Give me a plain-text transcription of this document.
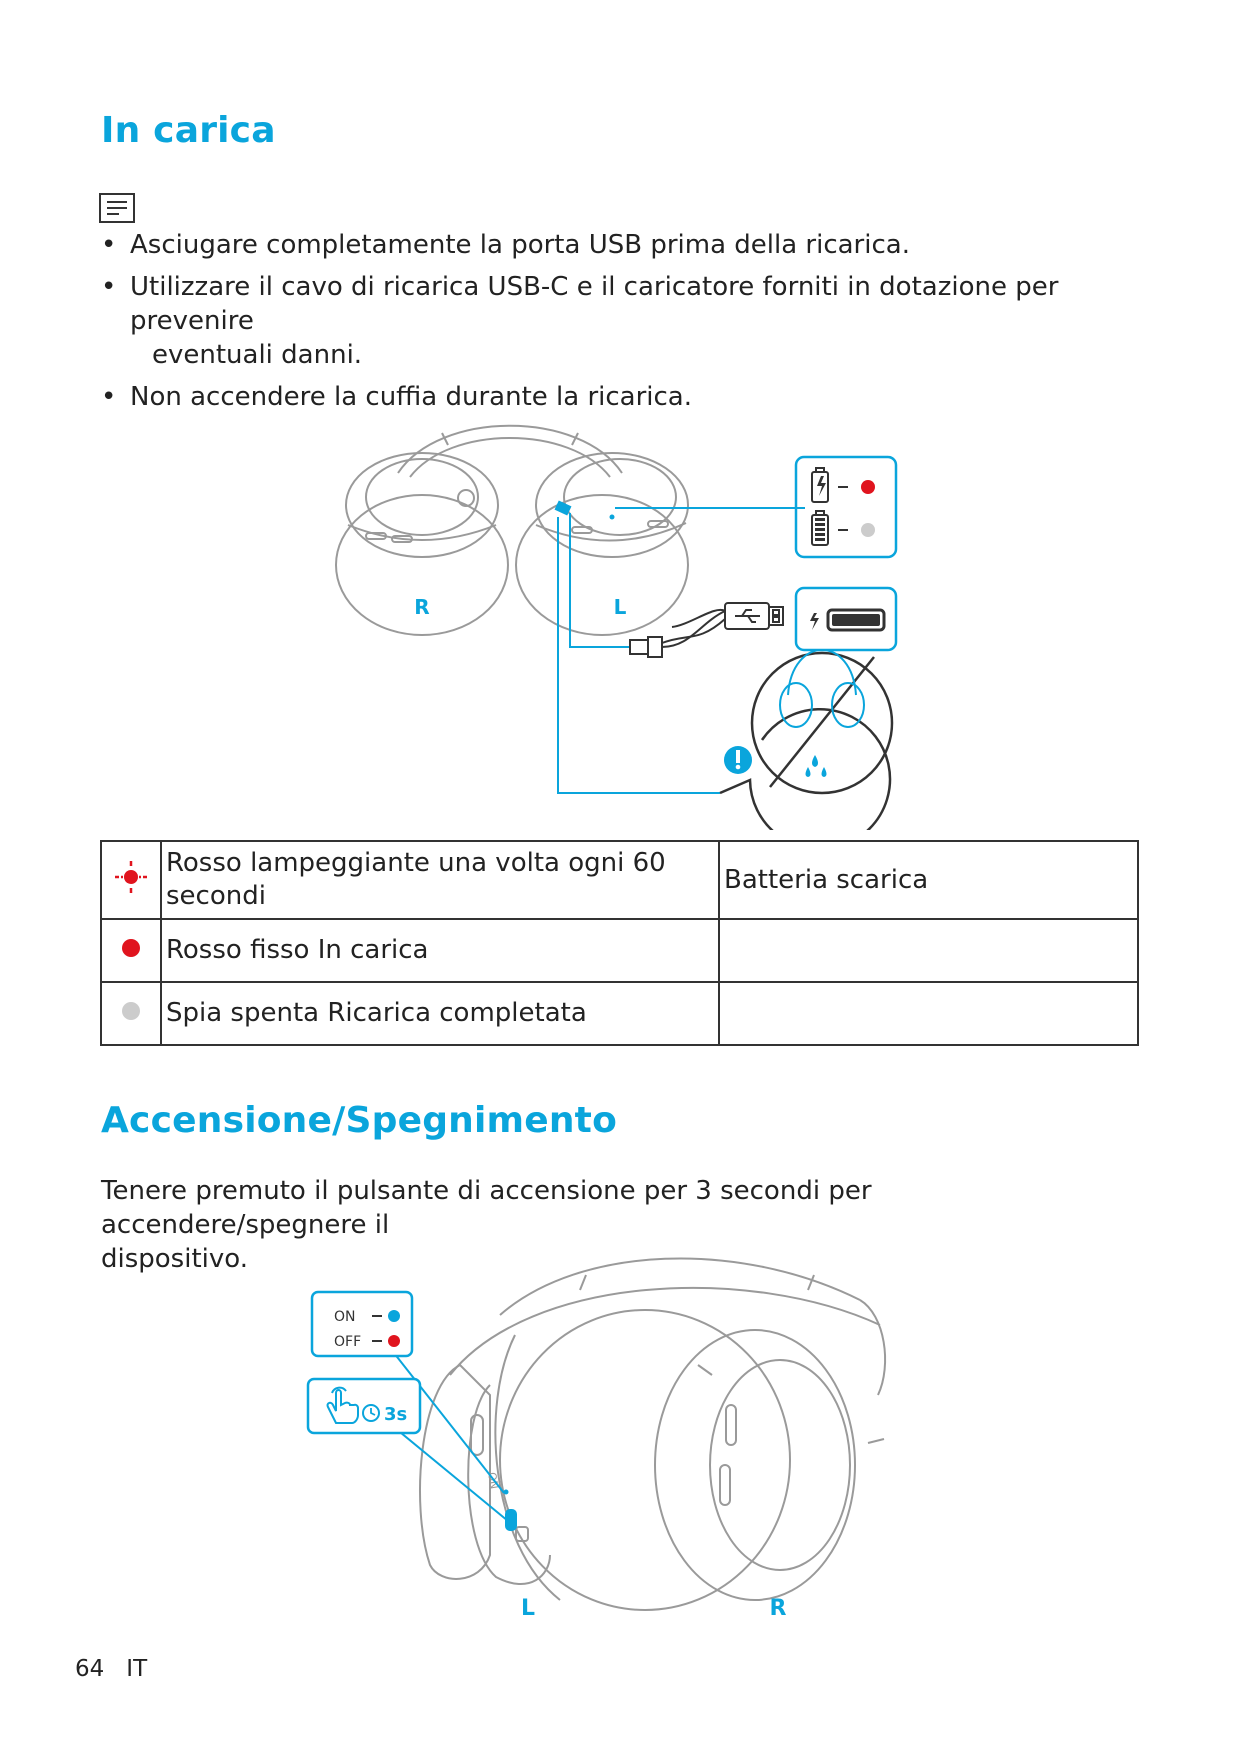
In carica
• Asciugare completamente la porta USB prima della ricarica.
• Utilizzare il cavo di ricarica USB-C e il caricatore forniti in dotazione per prevenire
eventuali danni.
• Non accendere la cuffia durante la ricarica.
R	L
	Rosso lampeggiante una volta ogni 60
secondi	Batteria scarica
	Rosso fisso In carica	
	Spia spenta Ricarica completata	
Accensione/Spegnimento

Tenere premuto il pulsante di accensione per 3 secondi per accendere/spegnere il
dispositivo.

ON
ON
OFF
3s
L	R
64 IT
